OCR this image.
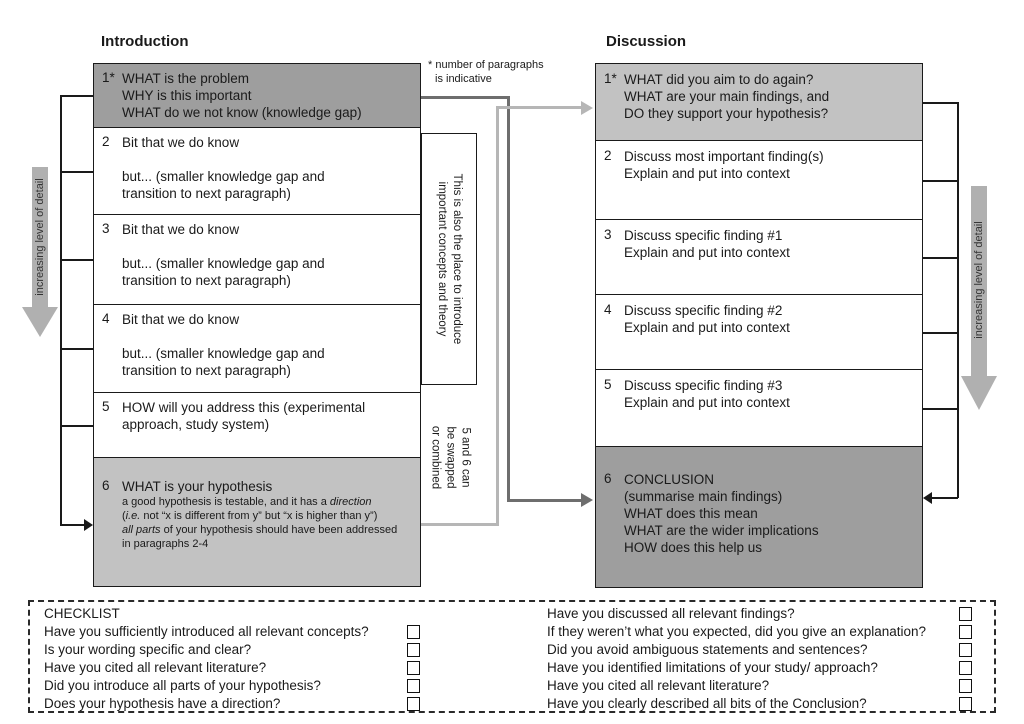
Introduction	Discussion
* number of paragraphs
is indicative
1* WHAT is the problem
WHY is this important
WHAT do we not know (knowledge gap)
2 Bit that we do know

but... (smaller knowledge gap and
transition to next paragraph)
3 Bit that we do know

but... (smaller knowledge gap and
transition to next paragraph)
4 Bit that we do know

but... (smaller knowledge gap and
transition to next paragraph)
5 HOW will you address this (experimental
approach, study system)
6 WHAT is your hypothesis
a good hypothesis is testable, and it has a direction
(i.e. not “x is different from y” but “x is higher than y”)
all parts of your hypothesis should have been addressed
in paragraphs 2-4
1* WHAT did you aim to do again?
WHAT are your main findings, and
DO they support your hypothesis?
2 Discuss most important finding(s)
Explain and put into context
3 Discuss specific finding #1
Explain and put into context
4 Discuss specific finding #2
Explain and put into context
5 Discuss specific finding #3
Explain and put into context
6 CONCLUSION
(summarise main findings)
WHAT does this mean
WHAT are the wider implications
HOW does this help us
This is also the place to introduce
important concepts and theory
5 and 6 can
be swapped
or combined
increasing level of detail	increasing level of detail
CHECKLIST
Have you sufficiently introduced all relevant concepts?
Is your wording specific and clear?
Have you cited all relevant literature?
Did you introduce all parts of your hypothesis?
Does your hypothesis have a direction?
Have you discussed all relevant findings?
If they weren’t what you expected, did you give an explanation?
Did you avoid ambiguous statements and sentences?
Have you identified limitations of your study/ approach?
Have you cited all relevant literature?
Have you clearly described all bits of the Conclusion?
